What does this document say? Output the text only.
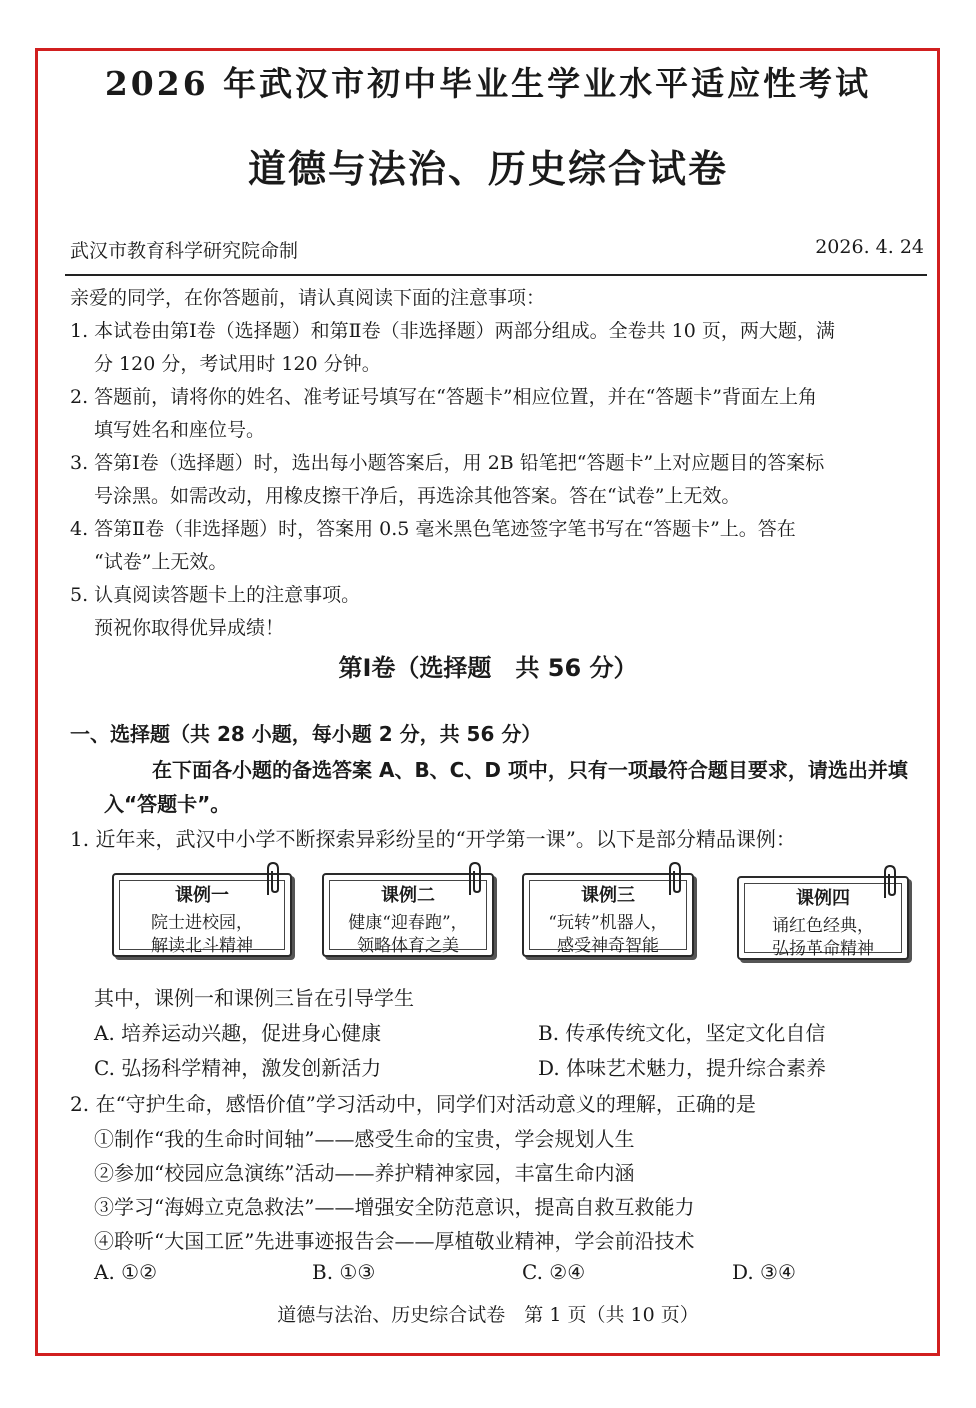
2026 年武汉市初中毕业生学业水平适应性考试
道德与法治、历史综合试卷
武汉市教育科学研究院命制	2026. 4. 24
亲爱的同学，在你答题前，请认真阅读下面的注意事项：
1. 本试卷由第Ⅰ卷（选择题）和第Ⅱ卷（非选择题）两部分组成。全卷共 10 页，两大题，满
分 120 分，考试用时 120 分钟。
2. 答题前，请将你的姓名、准考证号填写在“答题卡”相应位置，并在“答题卡”背面左上角
填写姓名和座位号。
3. 答第Ⅰ卷（选择题）时，选出每小题答案后，用 2B 铅笔把“答题卡”上对应题目的答案标
号涂黑。如需改动，用橡皮擦干净后，再选涂其他答案。答在“试卷”上无效。
4. 答第Ⅱ卷（非选择题）时，答案用 0.5 毫米黑色笔迹签字笔书写在“答题卡”上。答在
“试卷”上无效。
5. 认真阅读答题卡上的注意事项。
预祝你取得优异成绩！
第Ⅰ卷（选择题　共 56 分）
一、选择题（共 28 小题，每小题 2 分，共 56 分）
在下面各小题的备选答案 A、B、C、D 项中，只有一项最符合题目要求，请选出并填
入“答题卡”。
1. 近年来，武汉中小学不断探索异彩纷呈的“开学第一课”。以下是部分精品课例：
课例一
院士进校园，
解读北斗精神
课例二
健康“迎春跑”，
领略体育之美
课例三
“玩转”机器人，
感受神奇智能
课例四
诵红色经典，
弘扬革命精神
其中，课例一和课例三旨在引导学生
A. 培养运动兴趣，促进身心健康	B. 传承传统文化，坚定文化自信
C. 弘扬科学精神，激发创新活力	D. 体味艺术魅力，提升综合素养
2. 在“守护生命，感悟价值”学习活动中，同学们对活动意义的理解，正确的是
①制作“我的生命时间轴”——感受生命的宝贵，学会规划人生
②参加“校园应急演练”活动——养护精神家园，丰富生命内涵
③学习“海姆立克急救法”——增强安全防范意识，提高自救互救能力
④聆听“大国工匠”先进事迹报告会——厚植敬业精神，学会前沿技术
A. ①②	B. ①③	C. ②④	D. ③④
道德与法治、历史综合试卷　第 1 页（共 10 页）
